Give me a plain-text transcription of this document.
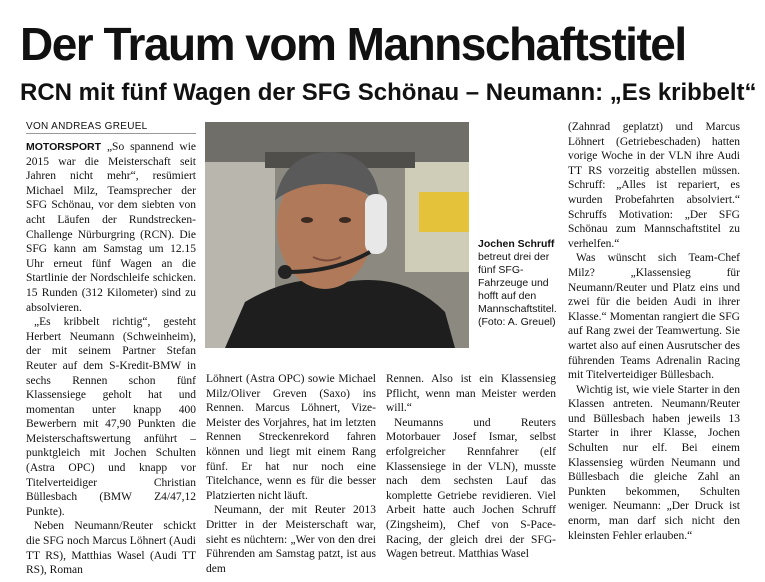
Der Traum vom Mannschaftstitel
RCN mit fünf Wagen der SFG Schönau – Neumann: „Es kribbelt“
VON ANDREAS GREUEL

MOTORSPORT „So spannend wie 2015 war die Meisterschaft seit Jahren nicht mehr“, resümiert Michael Milz, Teamsprecher der SFG Schönau, vor dem siebten von acht Läufen der Rundstrecken-Challenge Nürburgring (RCN). Die SFG kann am Samstag um 12.15 Uhr erneut fünf Wagen an die Startlinie der Nordschleife schicken. 15 Runden (312 Kilometer) sind zu absolvieren.

„Es kribbelt richtig“, gesteht Herbert Neumann (Schweinheim), der mit seinem Partner Stefan Reuter auf dem S-Kredit-BMW in sechs Rennen schon fünf Klassensiege geholt hat und momentan unter knapp 400 Bewerbern mit 47,90 Punkten die Meisterschaftswertung anführt – punktgleich mit Jochen Schulten (Astra OPC) und knapp vor Titelverteidiger Christian Büllesbach (BMW Z4/47,12 Punkte).

Neben Neumann/Reuter schickt die SFG noch Marcus Löhnert (Audi TT RS), Matthias Wasel (Audi TT RS), Roman

Jochen Schruff betreut drei der fünf SFG-Fahrzeuge und hofft auf den Mannschaftstitel. (Foto: A. Greuel)

Löhnert (Astra OPC) sowie Michael Milz/Oliver Greven (Saxo) ins Rennen. Marcus Löhnert, Vize-Meister des Vorjahres, hat im letzten Rennen Streckenrekord fahren können und liegt mit einem Rang fünf. Er hat nur noch eine Titelchance, wenn es für die besser Platzierten nicht läuft.

Neumann, der mit Reuter 2013 Dritter in der Meisterschaft war, sieht es nüchtern: „Wer von den drei Führenden am Samstag patzt, ist aus dem

Rennen. Also ist ein Klassensieg Pflicht, wenn man Meister werden will.“

Neumanns und Reuters Motorbauer Josef Ismar, selbst erfolgreicher Rennfahrer (elf Klassensiege in der VLN), musste nach dem sechsten Lauf das komplette Getriebe revidieren. Viel Arbeit hatte auch Jochen Schruff (Zingsheim), Chef von S-Pace-Racing, der gleich drei der SFG-Wagen betreut. Matthias Wasel

(Zahnrad geplatzt) und Marcus Löhnert (Getriebeschaden) hatten vorige Woche in der VLN ihre Audi TT RS vorzeitig abstellen müssen. Schruff: „Alles ist repariert, es wurden Probefahrten absolviert.“ Schruffs Motivation: „Der SFG Schönau zum Mannschaftstitel zu verhelfen.“

Was wünscht sich Team-Chef Milz? „Klassensieg für Neumann/Reuter und Platz eins und zwei für die beiden Audi in ihrer Klasse.“ Momentan rangiert die SFG auf Rang zwei der Teamwertung. Sie wartet also auf einen Ausrutscher des führenden Teams Adrenalin Racing mit Titelverteidiger Büllesbach.

Wichtig ist, wie viele Starter in den Klassen antreten. Neumann/Reuter und Büllesbach haben jeweils 13 Starter in ihrer Klasse, Jochen Schulten nur elf. Bei einem Klassensieg würden Neumann und Büllesbach die gleiche Zahl an Punkten bekommen, Schulten weniger. Neumann: „Der Druck ist enorm, man darf sich nicht den kleinsten Fehler erlauben.“
